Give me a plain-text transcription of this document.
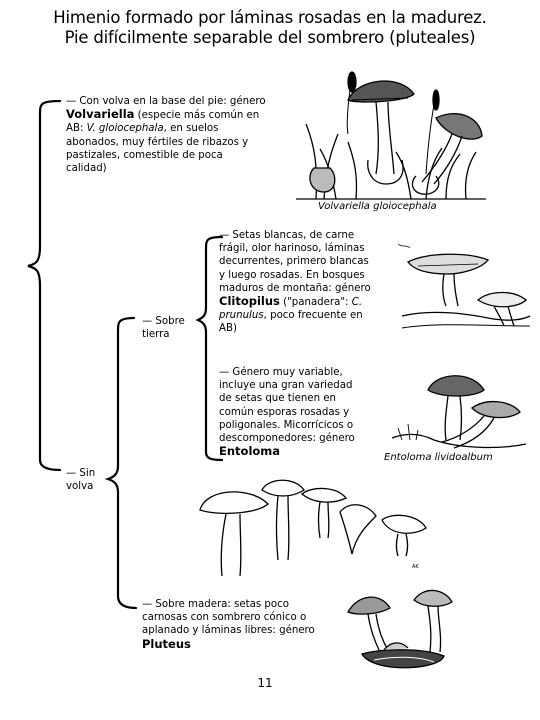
Himenio formado por láminas rosadas en la madurez.
Pie difícilmente separable del sombrero (pluteales)
— Con volva en la base del pie: género
Volvariella (especie más común en
AB: V. gloiocephala, en suelos
abonados, muy fértiles de ribazos y
pastizales, comestible de poca
calidad)
Volvariella gloiocephala
— Setas blancas, de carne
frágil, olor harinoso, láminas
decurrentes, primero blancas
y luego rosadas. En bosques
maduros de montaña: género
Clitopilus ("panadera": C.
prunulus, poco frecuente en
AB)
— Sobre
tierra
— Género muy variable,
incluye una gran variedad
de setas que tienen en
común esporas rosadas y
poligonales. Micorrícicos o
descomponedores: género
Entoloma	Entoloma lividoalbum
— Sin
volva
AK
— Sobre madera: setas poco
carnosas con sombrero cónico o
aplanado y láminas libres: género
Pluteus
11
